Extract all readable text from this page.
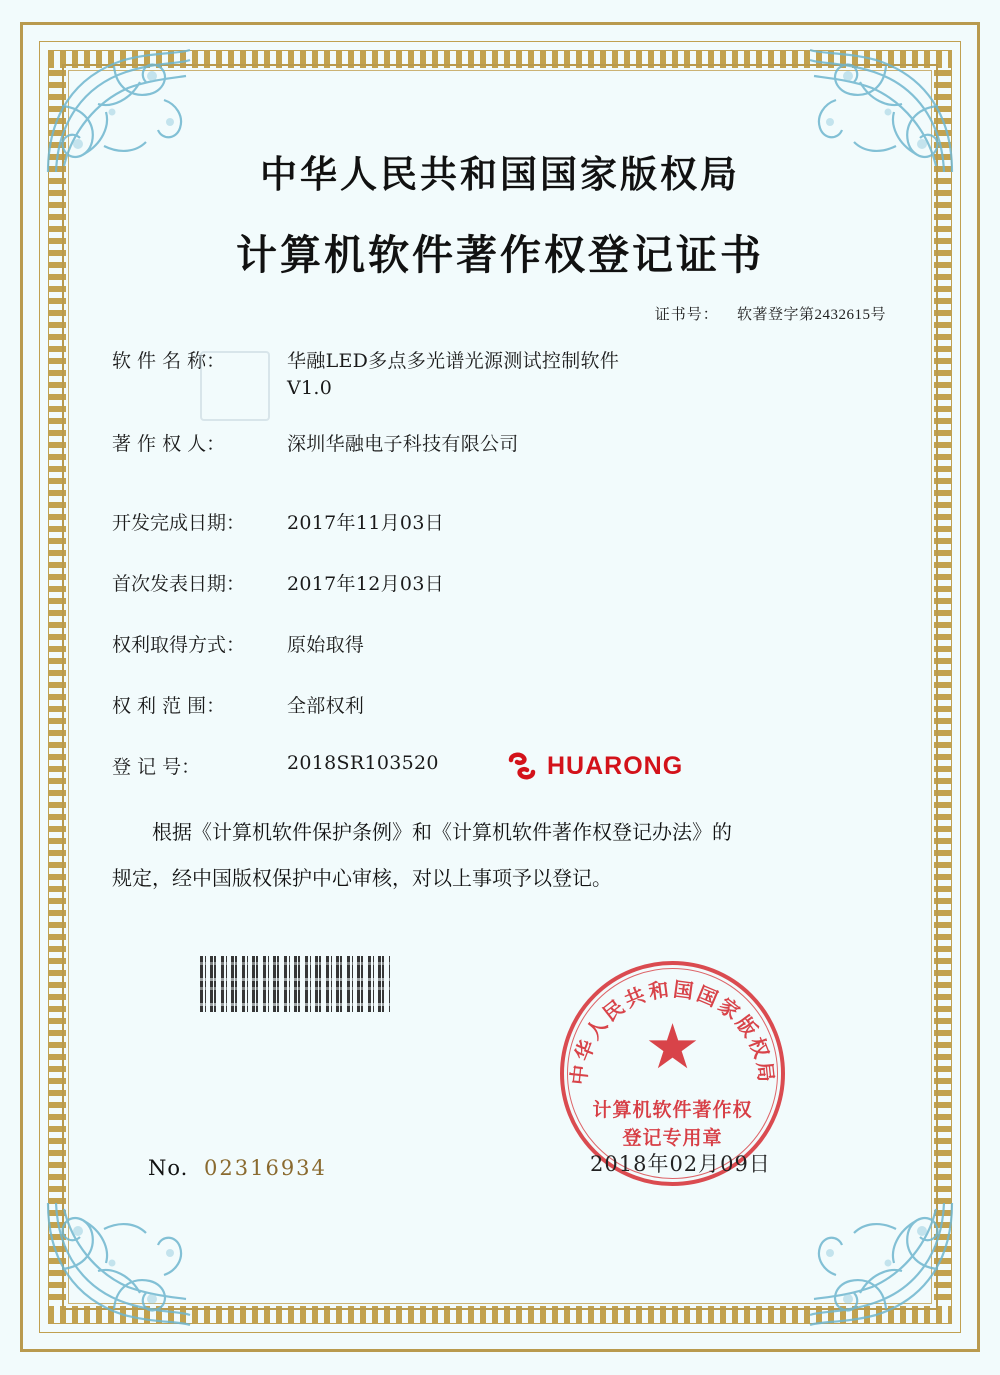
中华人民共和国国家版权局
计算机软件著作权登记证书
证书号： 软著登字第2432615号
软 件 名 称：	华融LED多点多光谱光源测试控制软件
V1.0
著 作 权 人：	深圳华融电子科技有限公司
开发完成日期：	2017年11月03日
首次发表日期：	2017年12月03日
权利取得方式：	原始取得
权 利 范 围：	全部权利
登 记 号：	2018SR103520
根据《计算机软件保护条例》和《计算机软件著作权登记办法》的
规定，经中国版权保护中心审核，对以上事项予以登记。
HUARONG
中华人民共和国国家版权局
★
计算机软件著作权
登记专用章
2018年02月09日
No. 02316934
